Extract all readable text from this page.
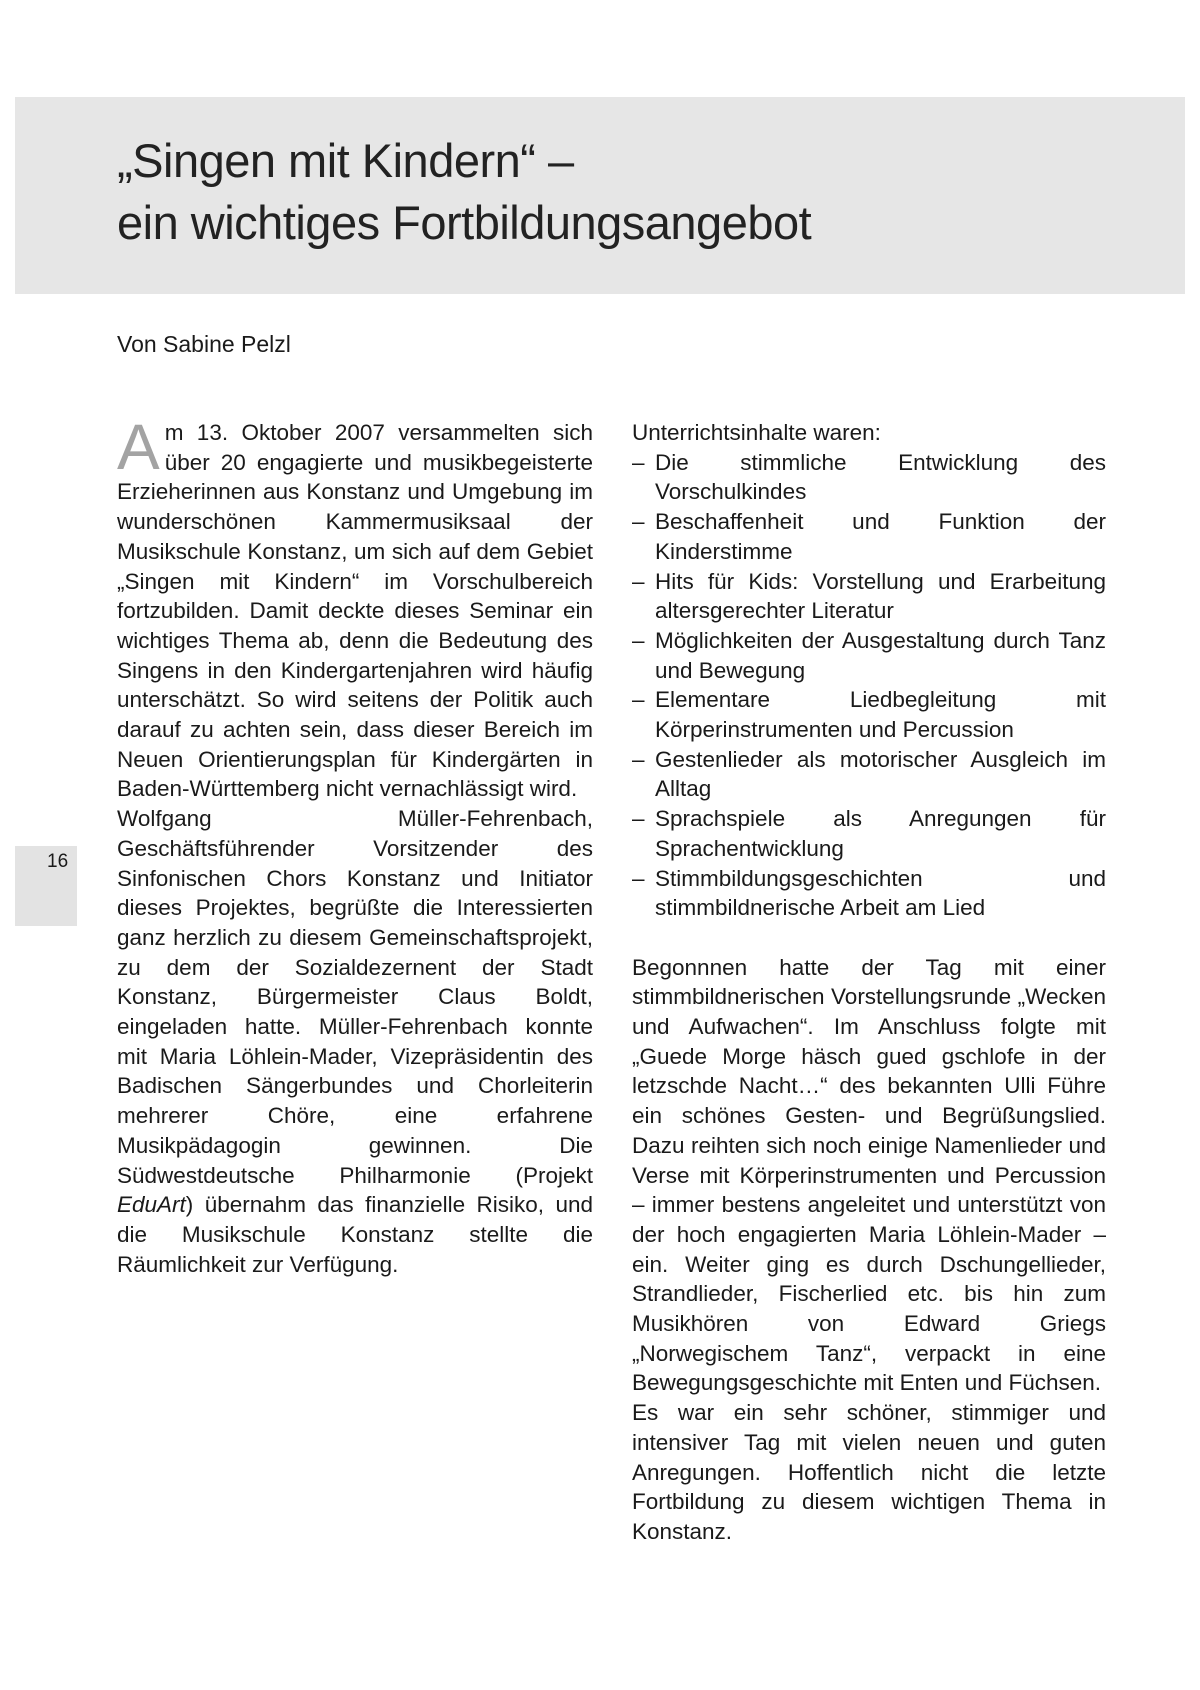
„Singen mit Kindern“ –
ein wichtiges Fortbildungsangebot
Von Sabine Pelzl
16

Am 13. Oktober 2007 versammelten sich über 20 engagierte und musikbegeisterte Erzieherinnen aus Konstanz und Umgebung im wunderschönen Kammermusiksaal der Musikschule Konstanz, um sich auf dem Gebiet „Singen mit Kindern“ im Vorschulbereich fortzubilden. Damit deckte dieses Seminar ein wichtiges Thema ab, denn die Bedeutung des Singens in den Kindergartenjahren wird häufig unterschätzt. So wird seitens der Politik auch darauf zu achten sein, dass dieser Bereich im Neuen Orientierungsplan für Kindergärten in Baden-Württemberg nicht vernachlässigt wird.

Wolfgang Müller-Fehrenbach, Geschäftsführender Vorsitzender des Sinfonischen Chors Konstanz und Initiator dieses Projektes, begrüßte die Interessierten ganz herzlich zu diesem Gemeinschaftsprojekt, zu dem der Sozialdezernent der Stadt Konstanz, Bürgermeister Claus Boldt, eingeladen hatte. Müller-Fehrenbach konnte mit Maria Löhlein-Mader, Vizepräsidentin des Badischen Sängerbundes und Chorleiterin mehrerer Chöre, eine erfahrene Musikpädagogin gewinnen. Die Südwestdeutsche Philharmonie (Projekt EduArt) übernahm das finanzielle Risiko, und die Musikschule Konstanz stellte die Räumlichkeit zur Verfügung.

Unterrichtsinhalte waren:

– Die stimmliche Entwicklung des Vorschulkindes
– Beschaffenheit und Funktion der Kinderstimme
– Hits für Kids: Vorstellung und Erarbeitung altersgerechter Literatur
– Möglichkeiten der Ausgestaltung durch Tanz und Bewegung
– Elementare Liedbegleitung mit Körperinstrumenten und Percussion
– Gestenlieder als motorischer Ausgleich im Alltag
– Sprachspiele als Anregungen für Sprachentwicklung
– Stimmbildungsgeschichten und stimmbildnerische Arbeit am Lied

Begonnnen hatte der Tag mit einer stimmbildnerischen Vorstellungsrunde „Wecken und Aufwachen“. Im Anschluss folgte mit „Guede Morge häsch gued gschlofe in der letzschde Nacht…“ des bekannten Ulli Führe ein schönes Gesten- und Begrüßungslied. Dazu reihten sich noch einige Namenlieder und Verse mit Körperinstrumenten und Percussion – immer bestens angeleitet und unterstützt von der hoch engagierten Maria Löhlein-Mader – ein. Weiter ging es durch Dschungellieder, Strandlieder, Fischerlied etc. bis hin zum Musikhören von Edward Griegs „Norwegischem Tanz“, verpackt in eine Bewegungsgeschichte mit Enten und Füchsen.

Es war ein sehr schöner, stimmiger und intensiver Tag mit vielen neuen und guten Anregungen. Hoffentlich nicht die letzte Fortbildung zu diesem wichtigen Thema in Konstanz.
